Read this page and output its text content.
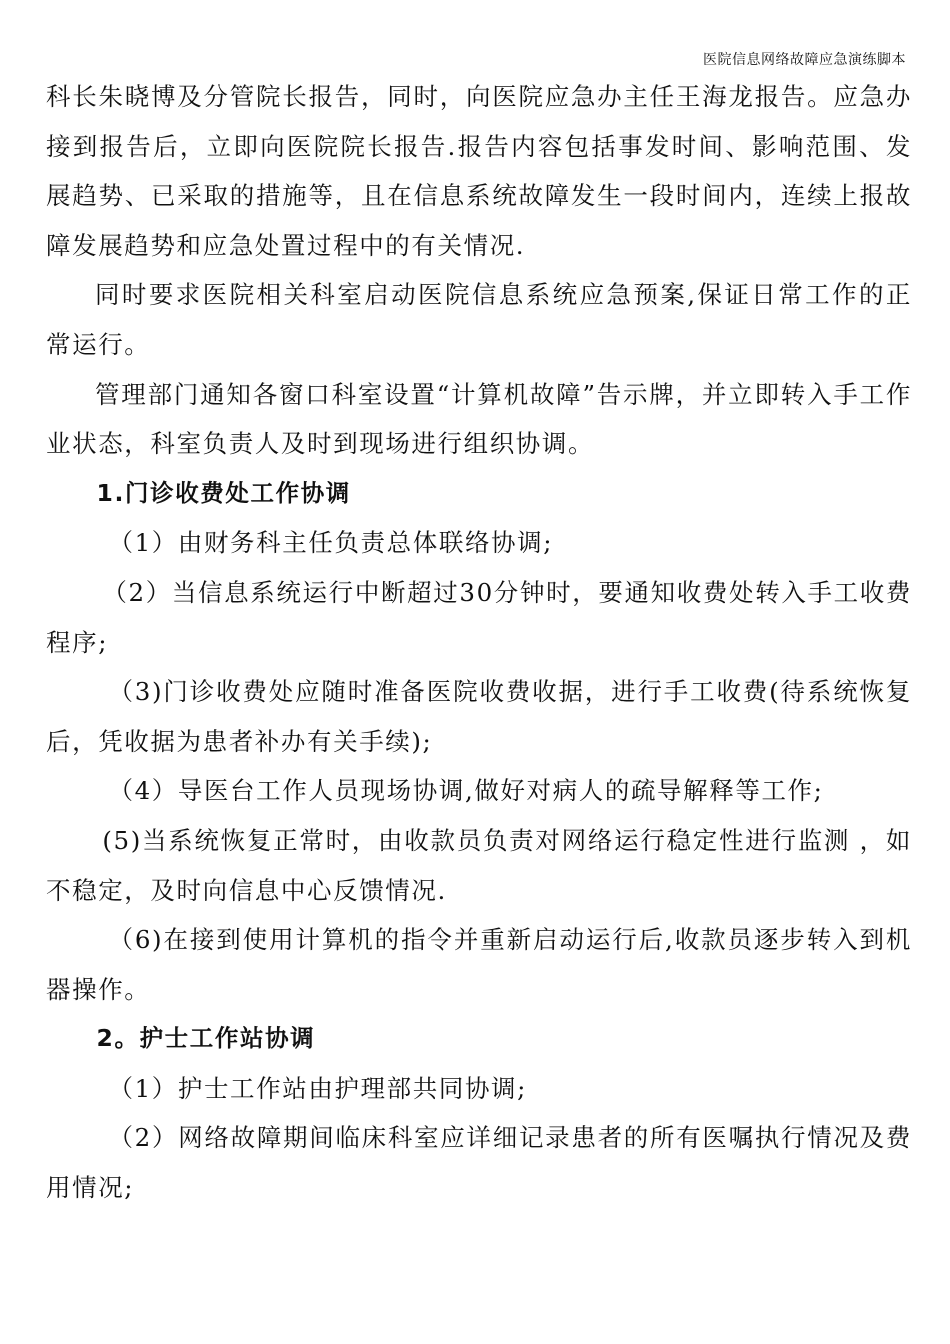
医院信息网络故障应急演练脚本

科长朱晓博及分管院长报告，同时，向医院应急办主任王海龙报告。应急办接到报告后，立即向医院院长报告.报告内容包括事发时间、影响范围、发展趋势、已采取的措施等，且在信息系统故障发生一段时间内，连续上报故障发展趋势和应急处置过程中的有关情况.

同时要求医院相关科室启动医院信息系统应急预案,保证日常工作的正常运行。

管理部门通知各窗口科室设置“计算机故障”告示牌，并立即转入手工作业状态，科室负责人及时到现场进行组织协调。

1.门诊收费处工作协调

（1）由财务科主任负责总体联络协调;

（2）当信息系统运行中断超过30分钟时，要通知收费处转入手工收费程序;

（3)门诊收费处应随时准备医院收费收据，进行手工收费(待系统恢复后，凭收据为患者补办有关手续);

（4）导医台工作人员现场协调,做好对病人的疏导解释等工作;

(5)当系统恢复正常时，由收款员负责对网络运行稳定性进行监测 ，如不稳定，及时向信息中心反馈情况.

（6)在接到使用计算机的指令并重新启动运行后,收款员逐步转入到机器操作。

2。护士工作站协调

（1）护士工作站由护理部共同协调;

（2）网络故障期间临床科室应详细记录患者的所有医嘱执行情况及费用情况;
